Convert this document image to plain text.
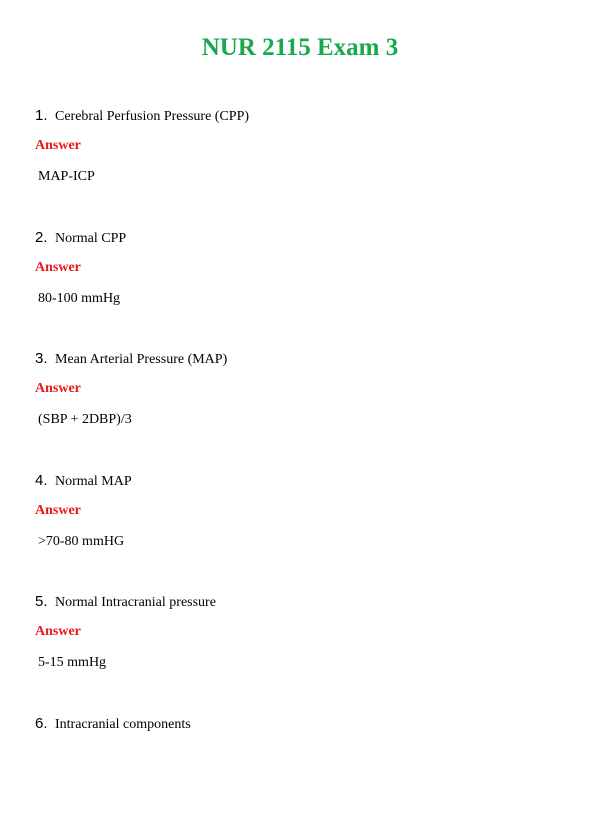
NUR 2115 Exam 3
1. Cerebral Perfusion Pressure (CPP)
Answer
MAP-ICP
2. Normal CPP
Answer
80-100 mmHg
3. Mean Arterial Pressure (MAP)
Answer
(SBP + 2DBP)/3
4. Normal MAP
Answer
>70-80 mmHG
5. Normal Intracranial pressure
Answer
5-15 mmHg
6. Intracranial components
